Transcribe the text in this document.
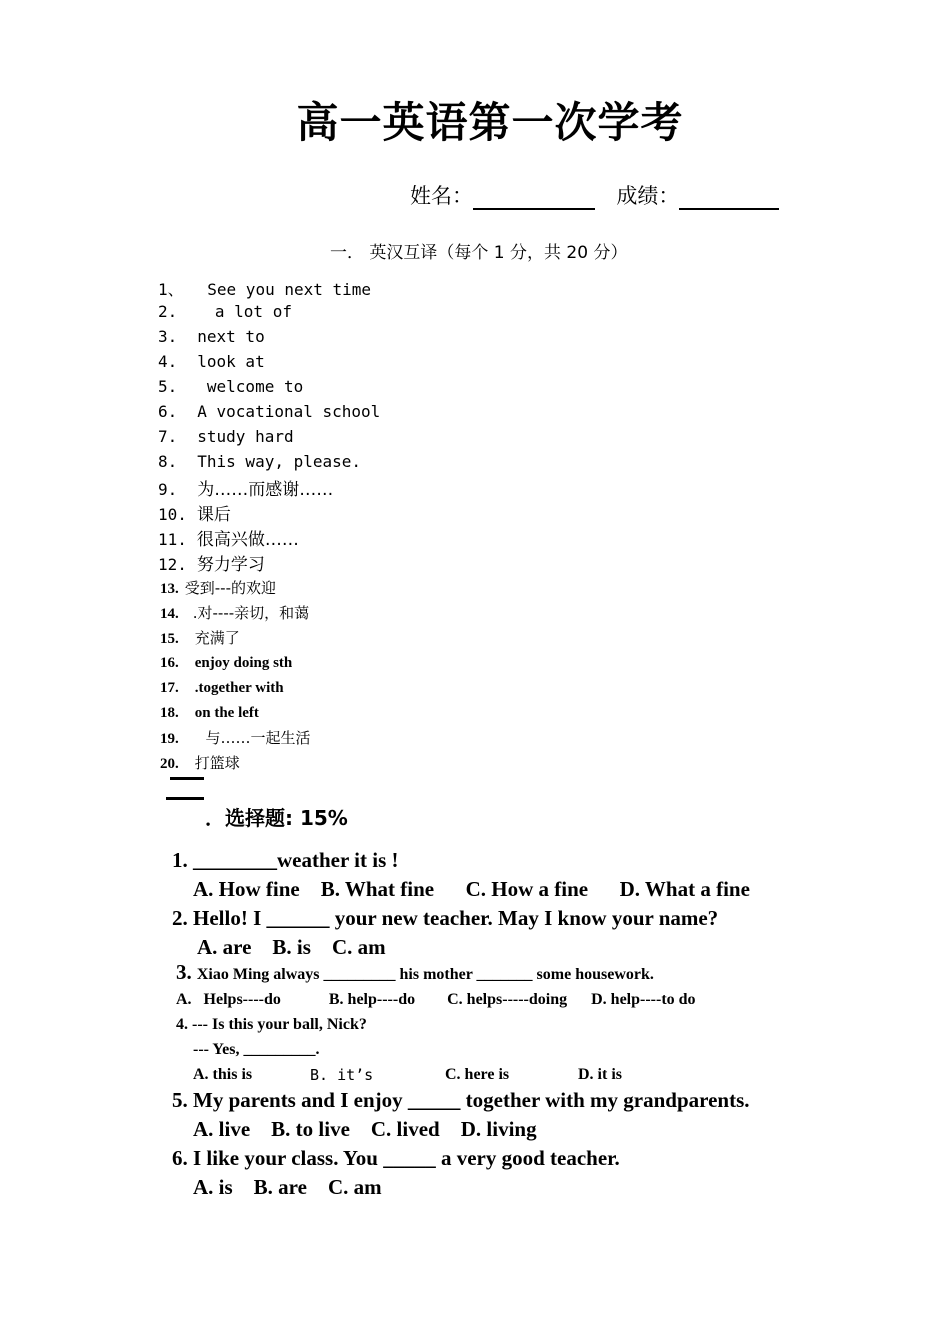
高一英语第一次学考
姓名：	成绩：
一． 英汉互译（每个 1 分，共 20 分）
1、 See you next time
2. a lot of
3. next to
4. look at
5. welcome to
6. A vocational school
7. study hard
8. This way, please.
9. 为……而感谢……
10. 课后
11. 很高兴做……
12. 努力学习
13. 受到---的欢迎
14. .对----亲切，和蔼
15. 充满了
16. enjoy doing sth
17. .together with
18. on the left
19. 与……一起生活
20. 打篮球
．选择题: 15%
1. ________weather it is !
A. How fine    B. What fine      C. How a fine      D. What a fine
2. Hello! I ______ your new teacher. May I know your name?
A. are    B. is    C. am
3. Xiao Ming always _________ his mother _______ some housework.
A.   Helps----do            B. help----do        C. helps-----doing      D. help----to do
4. --- Is this your ball, Nick?
--- Yes, _________.
A. this is	B. it’s	C. here is	D. it is
5. My parents and I enjoy _____ together with my grandparents.
A. live    B. to live    C. lived    D. living
6. I like your class. You _____ a very good teacher.
A. is    B. are    C. am
